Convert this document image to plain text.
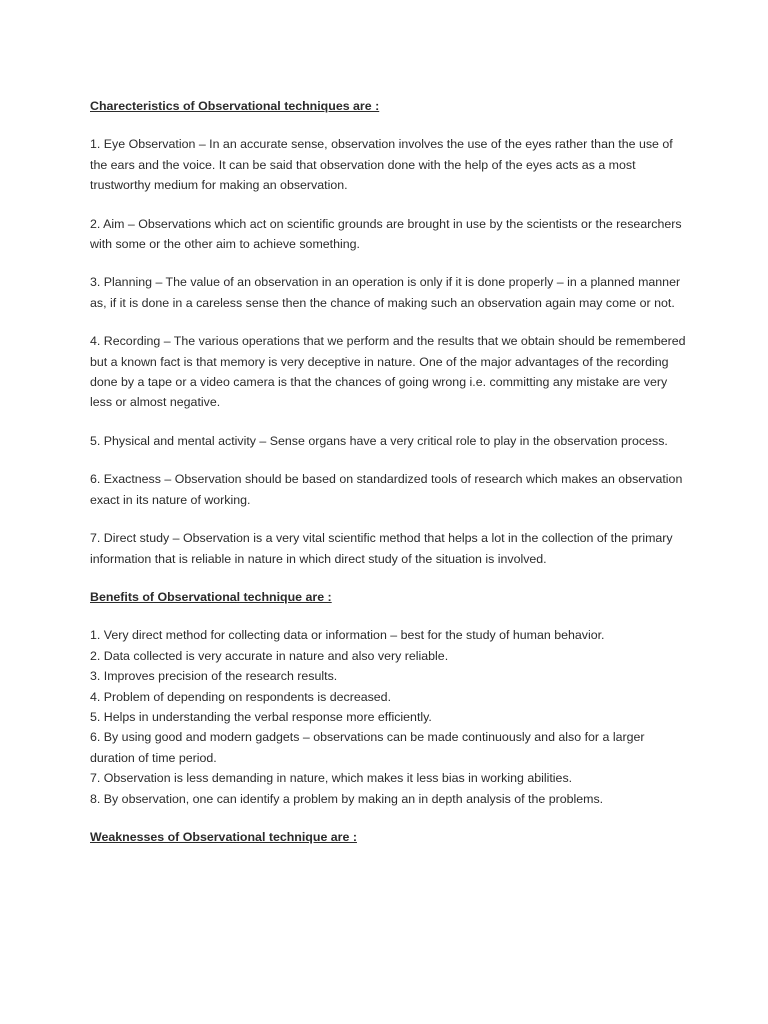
Charecteristics of Observational techniques are :

1. Eye Observation – In an accurate sense, observation involves the use of the eyes rather than the use of the ears and the voice. It can be said that observation done with the help of the eyes acts as a most trustworthy medium for making an observation.

2. Aim – Observations which act on scientific grounds are brought in use by the scientists or the researchers with some or the other aim to achieve something.

3. Planning – The value of an observation in an operation is only if it is done properly – in a planned manner as, if it is done in a careless sense then the chance of making such an observation again may come or not.

4. Recording – The various operations that we perform and the results that we obtain should be remembered but a known fact is that memory is very deceptive in nature. One of the major advantages of the recording done by a tape or a video camera is that the chances of going wrong i.e. committing any mistake are very less or almost negative.

5. Physical and mental activity – Sense organs have a very critical role to play in the observation process.

6. Exactness – Observation should be based on standardized tools of research which makes an observation exact in its nature of working.

7. Direct study – Observation is a very vital scientific method that helps a lot in the collection of the primary information that is reliable in nature in which direct study of the situation is involved.

Benefits of Observational technique are :

1. Very direct method for collecting data or information – best for the study of human behavior.

2. Data collected is very accurate in nature and also very reliable.

3. Improves precision of the research results.

4. Problem of depending on respondents is decreased.

5. Helps in understanding the verbal response more efficiently.

6. By using good and modern gadgets – observations can be made continuously and also for a larger duration of time period.

7. Observation is less demanding in nature, which makes it less bias in working abilities.

8. By observation, one can identify a problem by making an in depth analysis of the problems.

Weaknesses of Observational technique are :
